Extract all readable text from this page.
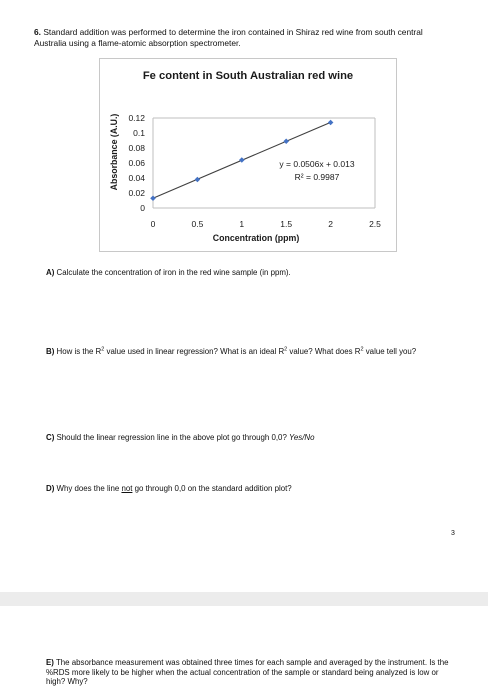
6. Standard addition was performed to determine the iron contained in Shiraz red wine from south central Australia using a flame-atomic absorption spectrometer.
Fe content in South Australian red wine
Absorbance (A.U.)
0
0.02
0.04
0.06
0.08
0.1
0.12
0	0.5	1	1.5	2	2.5
y = 0.0506x + 0.013
R² = 0.9987
Concentration (ppm)
A) Calculate the concentration of iron in the red wine sample (in ppm).
B) How is the $R^2$ value used in linear regression? What is an ideal $R^2$ value? What does $R^2$ value tell you?
C) Should the linear regression line in the above plot go through 0,0? Yes/No
D) Why does the line not go through 0,0 on the standard addition plot?
3
E) The absorbance measurement was obtained three times for each sample and averaged by the instrument. Is the %RDS more likely to be higher when the actual concentration of the sample or standard being analyzed is low or high? Why?
